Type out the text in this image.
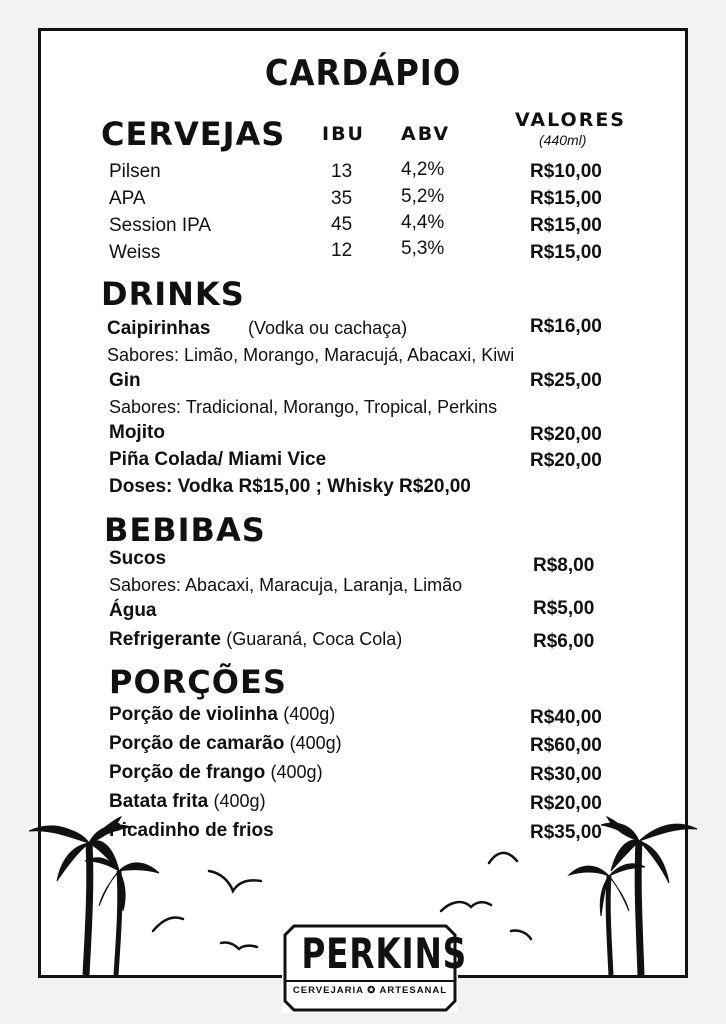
CARDÁPIO
CERVEJAS IBU ABV
VALORES
(440ml)
Pilsen	13	4,2%	R$10,00
APA	35	5,2%	R$15,00
Session IPA	45	4,4%	R$15,00
Weiss	12	5,3%	R$15,00
DRINKS
Caipirinhas (Vodka ou cachaça)	R$16,00
Sabores: Limão, Morango, Maracujá, Abacaxi, Kiwi
Gin	R$25,00
Sabores: Tradicional, Morango, Tropical, Perkins
Mojito	R$20,00
Piña Colada/ Miami Vice	R$20,00
Doses: Vodka R$15,00 ; Whisky R$20,00
BEBIBAS
Sucos	R$8,00
Sabores: Abacaxi, Maracuja, Laranja, Limão
Água	R$5,00
Refrigerante (Guaraná, Coca Cola)	R$6,00
PORÇÕES
Porção de violinha (400g)	R$40,00
Porção de camarão (400g)	R$60,00
Porção de frango (400g)	R$30,00
Batata frita (400g)	R$20,00
Picadinho de frios	R$35,00
PERKINS
CERVEJARIA ✪ ARTESANAL
